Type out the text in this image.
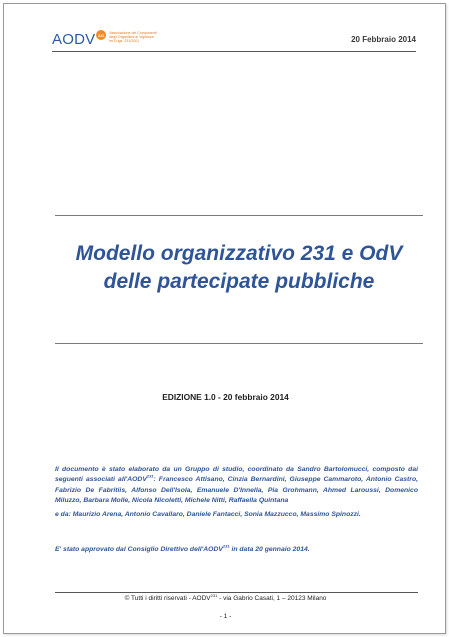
AODV 231	Associazione dei Componenti
degli Organismi di Vigilanza
ex D.lgs. 231/2001	20 Febbraio 2014
Modello organizzativo 231 e OdV
delle partecipate pubbliche
EDIZIONE 1.0 - 20 febbraio 2014
Il documento è stato elaborato da un Gruppo di studio, coordinato da Sandro Bartolomucci, composto dai seguenti associati all'AODV$^{231}$: Francesco Attisano, Cinzia Bernardini, Giuseppe Cammaroto, Antonio Castro, Fabrizio De Fabritiis, Alfonso Dell'Isola, Emanuele D'Innella, Pia Grohmann, Ahmed Laroussi, Domenico Miluzzo, Barbara Molle, Nicola Nicoletti, Michele Nitti, Raffaella Quintana
e da: Maurizio Arena, Antonio Cavallaro, Daniele Fantacci, Sonia Mazzucco, Massimo Spinozzi.
E' stato approvato dal Consiglio Direttivo dell'AODV$^{231}$ in data 20 gennaio 2014.
© Tutti i diritti riservati - AODV$^{231}$ - via Gabrio Casati, 1 – 20123 Milano
- 1 -
